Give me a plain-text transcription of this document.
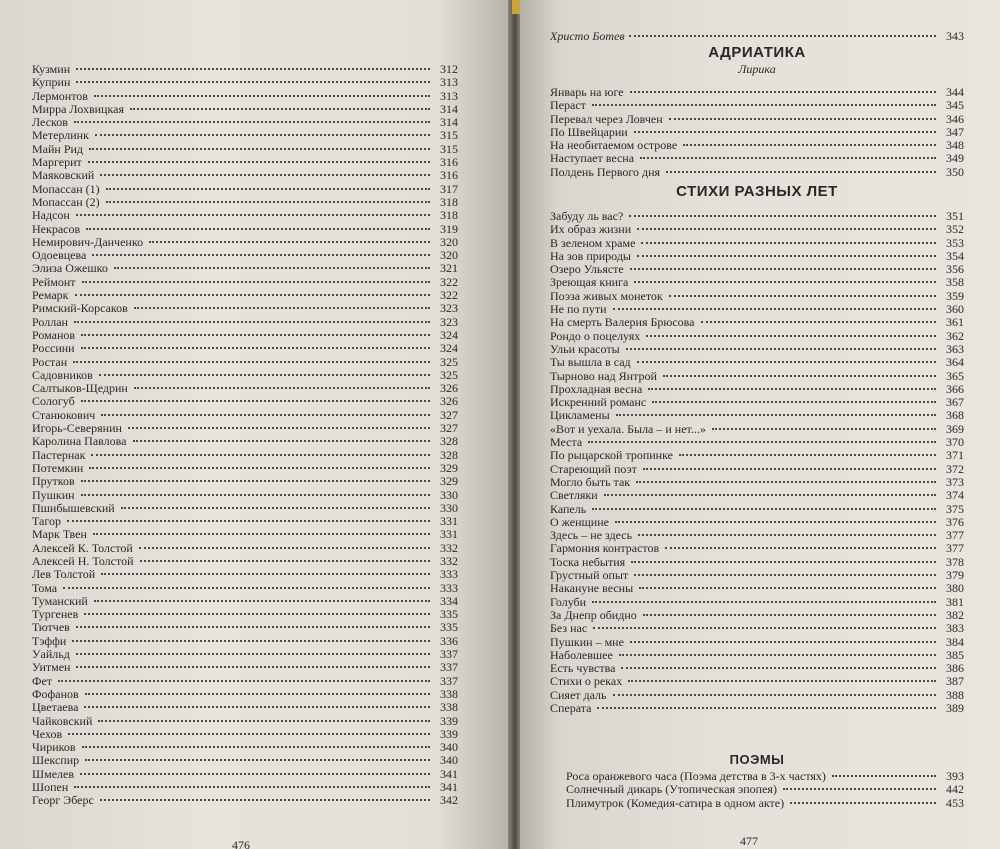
Кузмин	312
Куприн	313
Лермонтов	313
Мирра Лохвицкая	314
Лесков	314
Метерлинк	315
Майн Рид	315
Маргерит	316
Маяковский	316
Мопассан (1)	317
Мопассан (2)	318
Надсон	318
Некрасов	319
Немирович-Данченко	320
Одоевцева	320
Элиза Ожешко	321
Реймонт	322
Ремарк	322
Римский-Корсаков	323
Роллан	323
Романов	324
Россини	324
Ростан	325
Садовников	325
Салтыков-Щедрин	326
Сологуб	326
Станюкович	327
Игорь-Северянин	327
Каролина Павлова	328
Пастернак	328
Потемкин	329
Прутков	329
Пушкин	330
Пшибышевский	330
Тагор	331
Марк Твен	331
Алексей К. Толстой	332
Алексей Н. Толстой	332
Лев Толстой	333
Тома	333
Туманский	334
Тургенев	335
Тютчев	335
Тэффи	336
Уайльд	337
Уитмен	337
Фет	337
Фофанов	338
Цветаева	338
Чайковский	339
Чехов	339
Чириков	340
Шекспир	340
Шмелев	341
Шопен	341
Георг Эберс	342
476
Христо Ботев	343
АДРИАТИКА
Лирика
Январь на юге	344
Пераст	345
Перевал через Ловчен	346
По Швейцарии	347
На необитаемом острове	348
Наступает весна	349
Полдень Первого дня	350
СТИХИ РАЗНЫХ ЛЕТ
Забуду ль вас?	351
Их образ жизни	352
В зеленом храме	353
На зов природы	354
Озеро Ульясте	356
Зреющая книга	358
Поэза живых монеток	359
Не по пути	360
На смерть Валерия Брюсова	361
Рондо о поцелуях	362
Ульи красоты	363
Ты вышла в сад	364
Тырново над Янтрой	365
Прохладная весна	366
Искренний романс	367
Цикламены	368
«Вот и уехала. Была – и нет...»	369
Места	370
По рыцарской тропинке	371
Стареющий поэт	372
Могло быть так	373
Светляки	374
Капель	375
О женщине	376
Здесь – не здесь	377
Гармония контрастов	377
Тоска небытия	378
Грустный опыт	379
Накануне весны	380
Голуби	381
За Днепр обидно	382
Без нас	383
Пушкин – мне	384
Наболевшее	385
Есть чувства	386
Стихи о реках	387
Сияет даль	388
Сперата	389
ПОЭМЫ
Роса оранжевого часа (Поэма детства в 3-х частях)	393
Солнечный дикарь (Утопическая эпопея)	442
Плимутрок (Комедия-сатира в одном акте)	453
477
